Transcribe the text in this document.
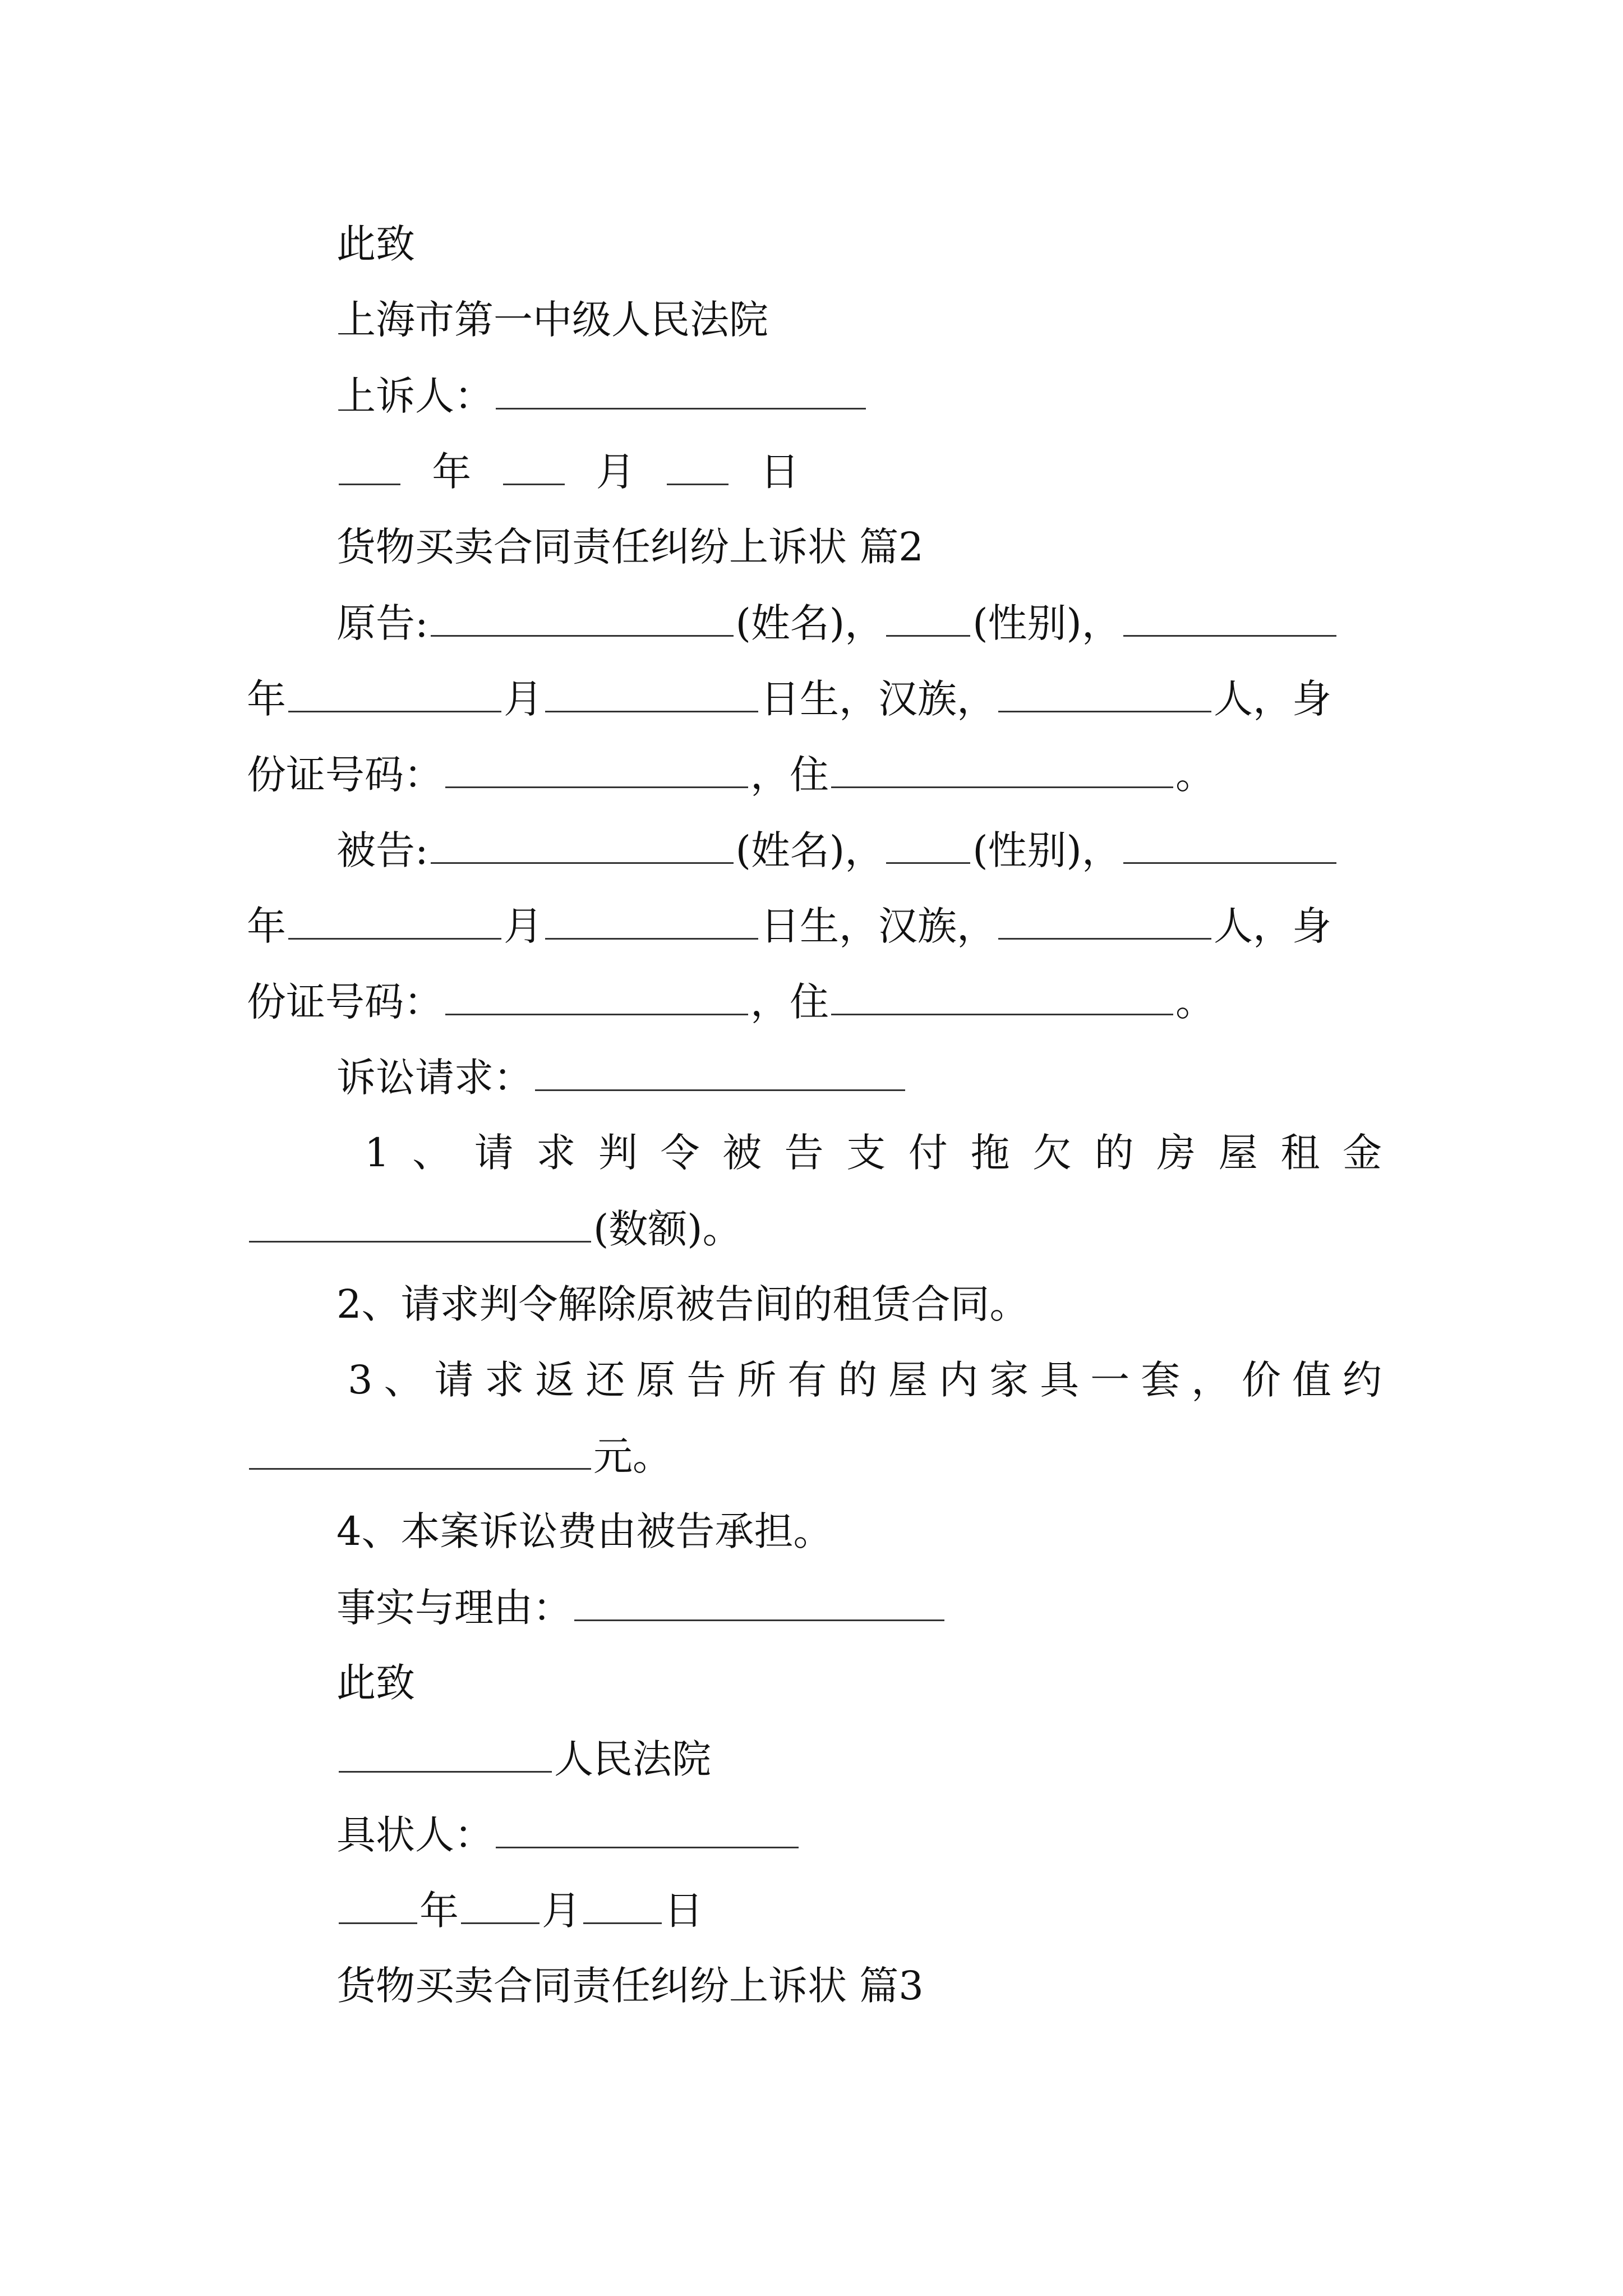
此致
上海市第一中级人民法院
上诉人：
年	月	日
货物买卖合同责任纠纷上诉状 篇2
原告:	(姓名)， (性别)，
年	月	日生，汉族，	人，身
份证号码：	，住	。
被告:	(姓名)， (性别)，
年	月	日生，汉族，	人，身
份证号码：	，住	。
诉讼请求：
1、请求判令被告支付拖欠的房屋租金
(数额)。
2、请求判令解除原被告间的租赁合同。
3、请求返还原告所有的屋内家具一套，价值约
元。
4、本案诉讼费由被告承担。
事实与理由：
此致
人民法院
具状人：
年 月 日
货物买卖合同责任纠纷上诉状 篇3
